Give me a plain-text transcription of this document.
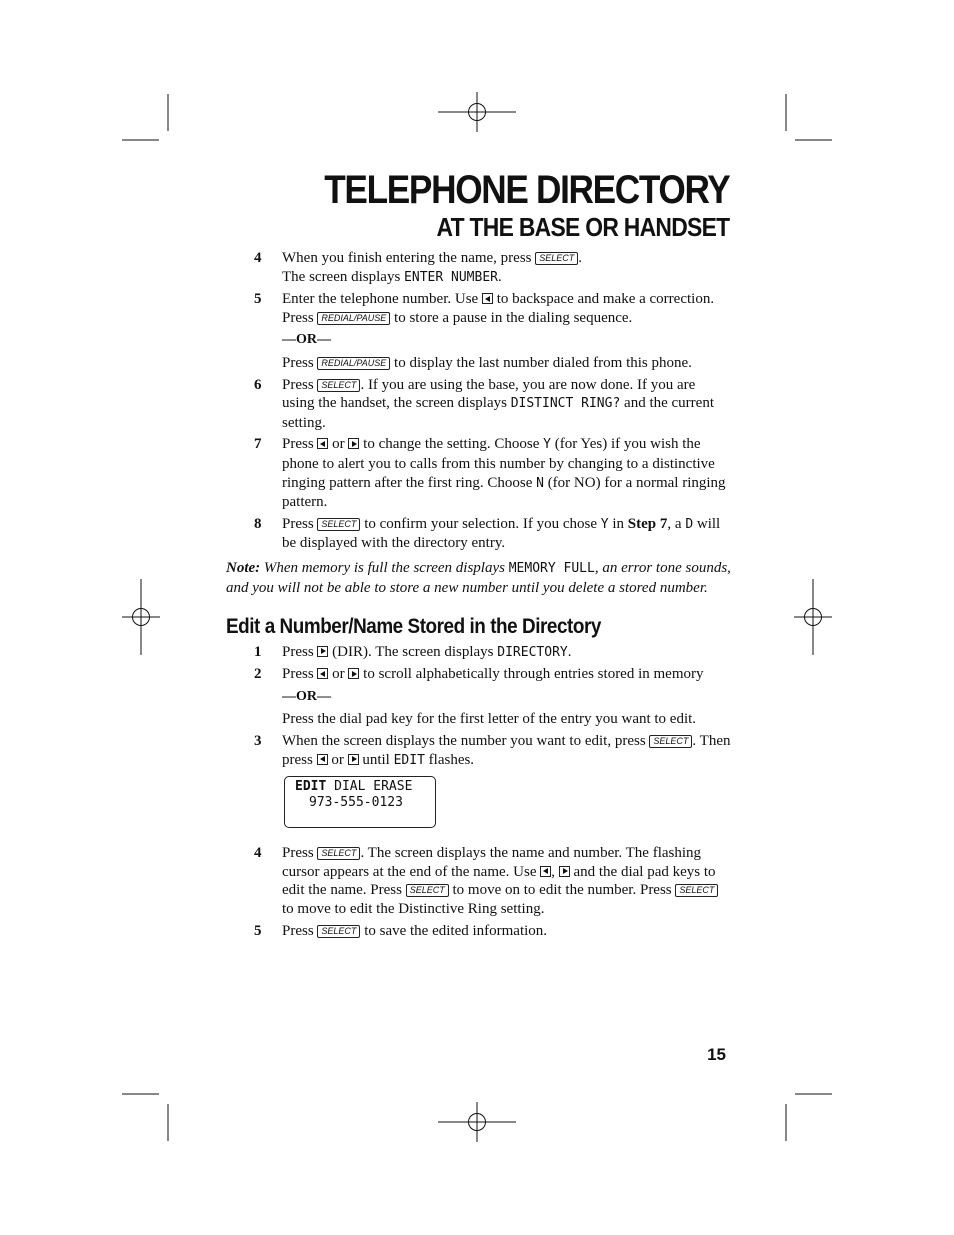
TELEPHONE DIRECTORY
AT THE BASE OR HANDSET
4 When you finish entering the name, press SELECT .
The screen displays ENTER NUMBER.
5 Enter the telephone number. Use  to backspace and make a correction. Press REDIAL/PAUSE to store a pause in the dialing sequence.
—OR—
Press REDIAL/PAUSE to display the last number dialed from this phone.
6 Press SELECT . If you are using the base, you are now done. If you are using the handset, the screen displays DISTINCT RING? and the current setting.
7 Press  or  to change the setting. Choose Y (for Yes) if you wish the phone to alert you to calls from this number by changing to a distinctive ringing pattern after the first ring. Choose N (for NO) for a normal ringing pattern.
8 Press SELECT to confirm your selection. If you chose Y in Step 7, a D will be displayed with the directory entry.
Note: When memory is full the screen displays MEMORY FULL, an error tone sounds, and you will not be able to store a new number until you delete a stored number.
Edit a Number/Name Stored in the Directory
1 Press  (DIR). The screen displays DIRECTORY.
2 Press  or  to scroll alphabetically through entries stored in memory
—OR—
Press the dial pad key for the first letter of the entry you want to edit.
3 When the screen displays the number you want to edit, press SELECT . Then press  or  until EDIT flashes.
EDIT DIAL ERASE
973-555-0123
4 Press SELECT . The screen displays the name and number. The flashing cursor appears at the end of the name. Use ,  and the dial pad keys to edit the name. Press SELECT to move on to edit the number. Press SELECT to move to edit the Distinctive Ring setting.
5 Press SELECT to save the edited information.
15
